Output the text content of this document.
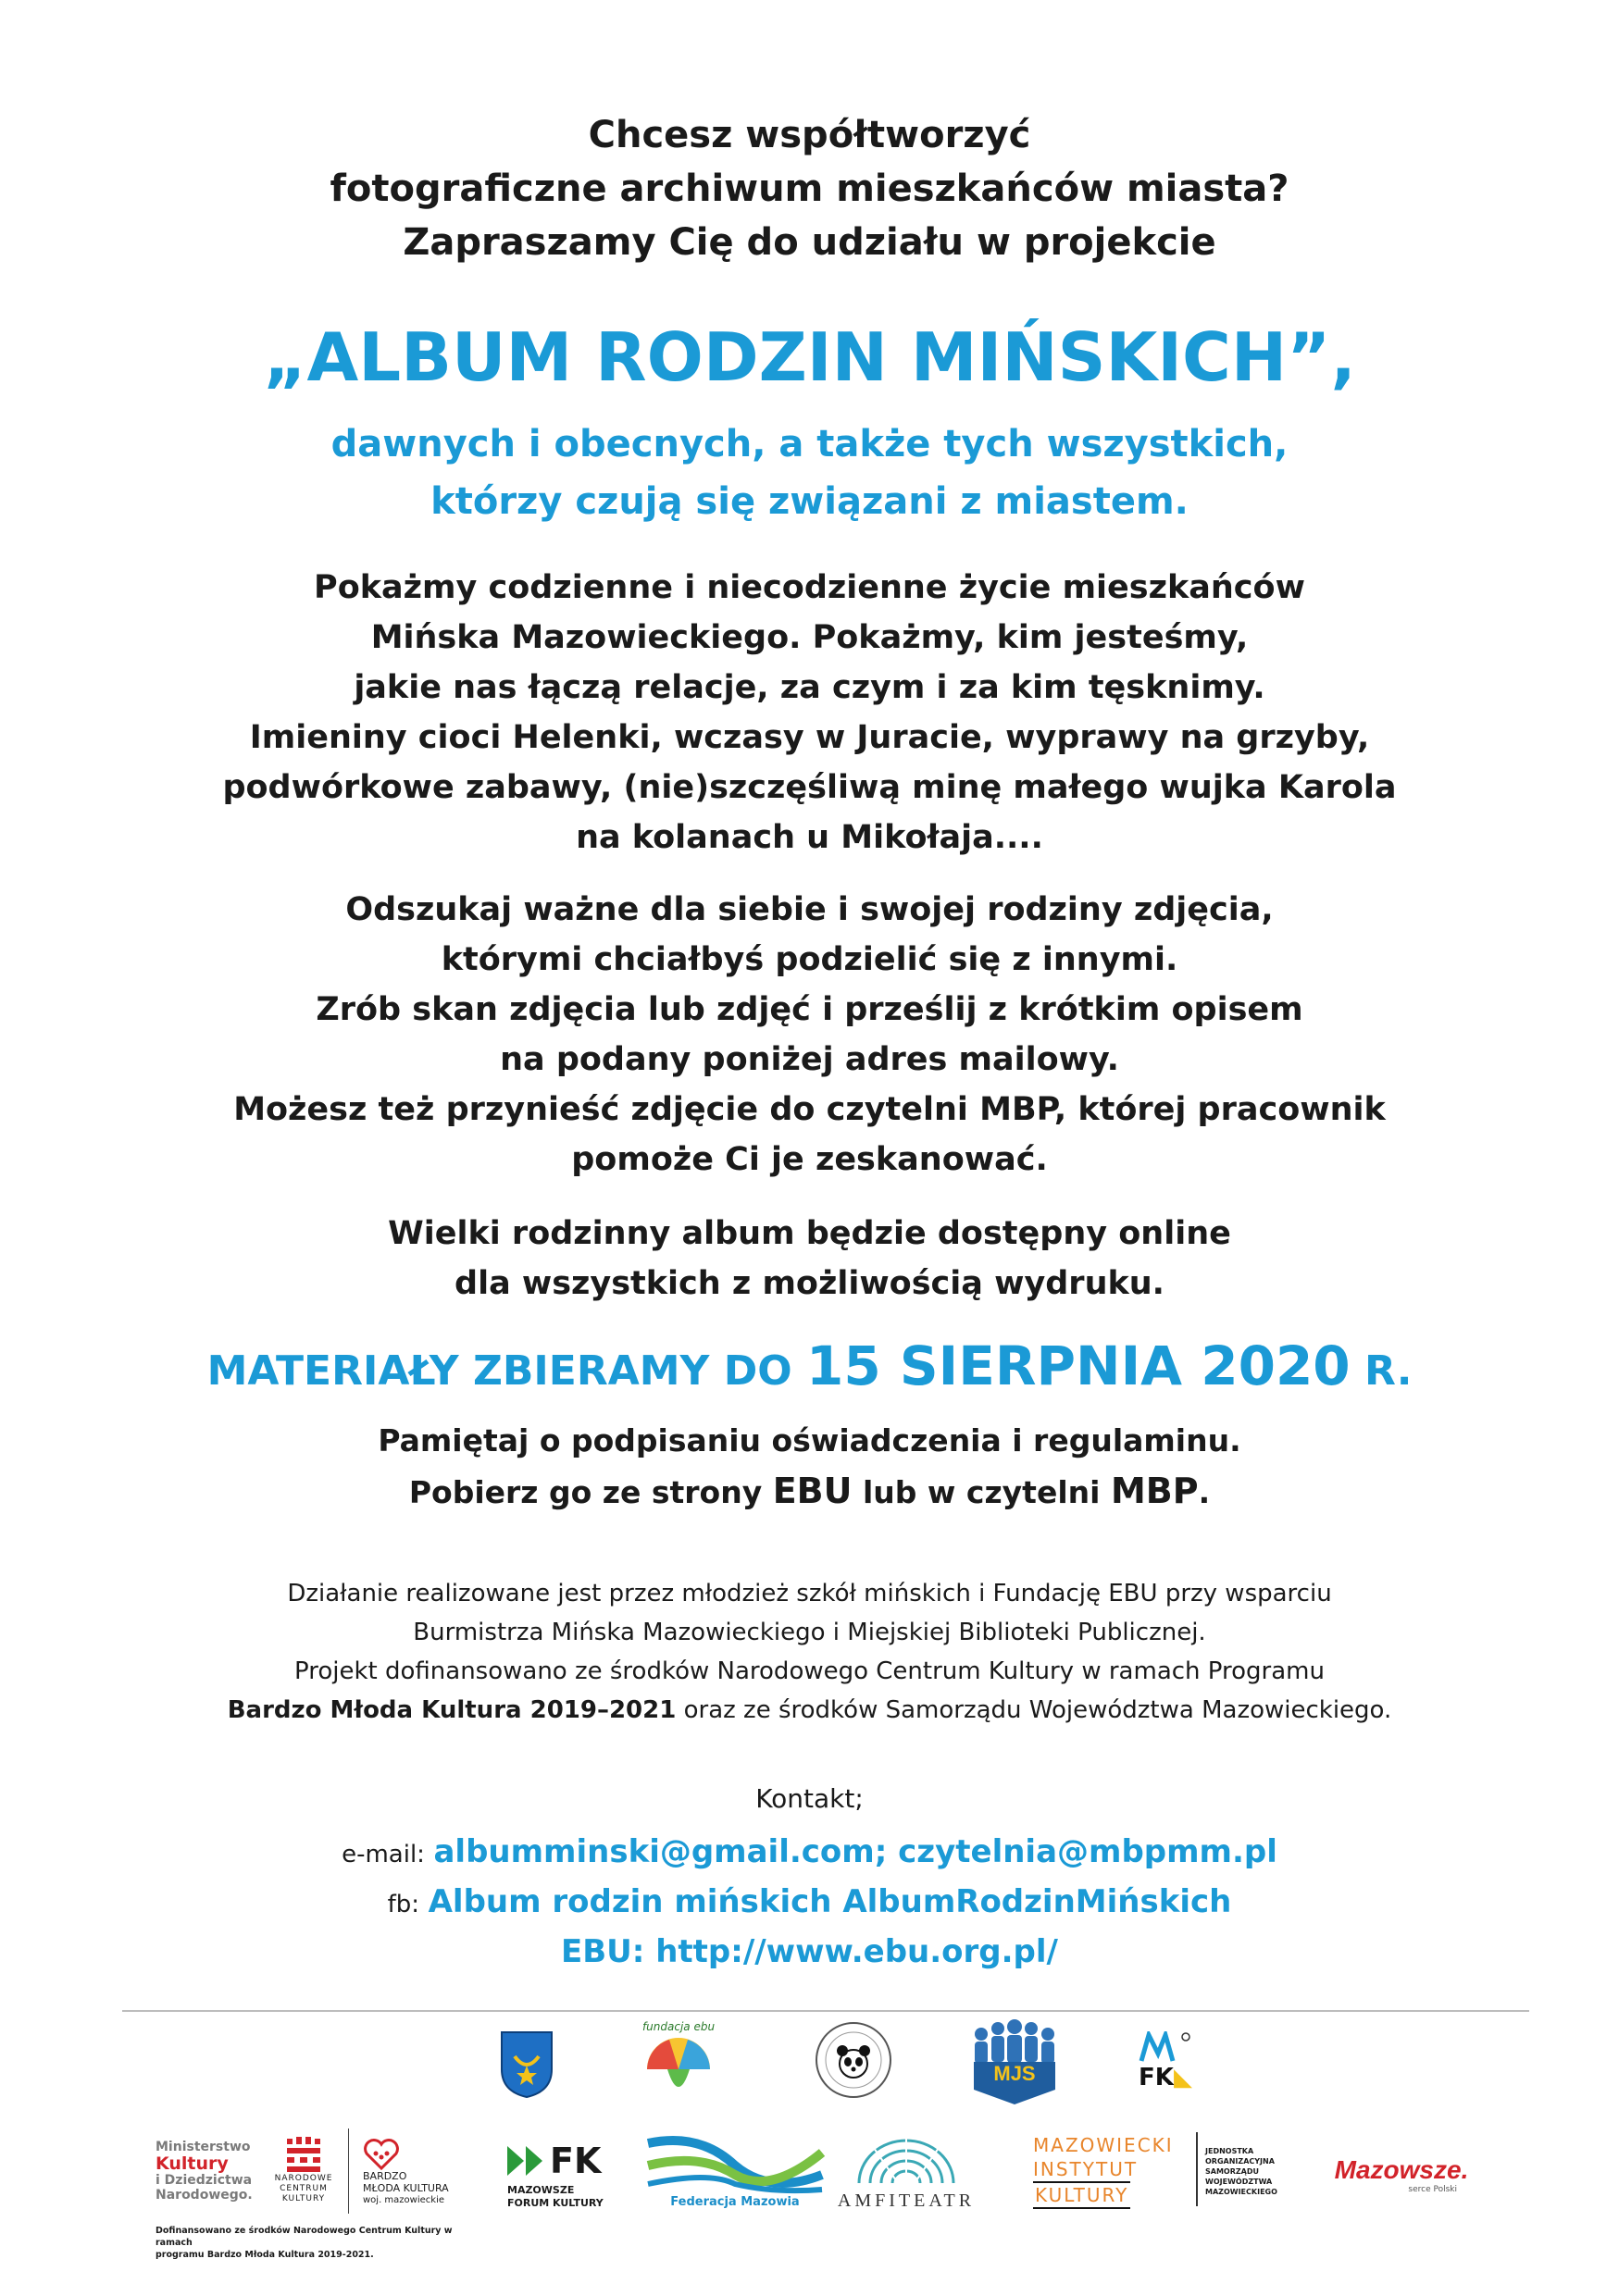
Chcesz współtworzyć
fotograficzne archiwum mieszkańców miasta?
Zapraszamy Cię do udziału w projekcie
„ALBUM RODZIN MIŃSKICH”,
dawnych i obecnych, a także tych wszystkich,
którzy czują się związani z miastem.
Pokażmy codzienne i niecodzienne życie mieszkańców
Mińska Mazowieckiego. Pokażmy, kim jesteśmy,
jakie nas łączą relacje, za czym i za kim tęsknimy.
Imieniny cioci Helenki, wczasy w Juracie, wyprawy na grzyby,
podwórkowe zabawy, (nie)szczęśliwą minę małego wujka Karola
na kolanach u Mikołaja....
Odszukaj ważne dla siebie i swojej rodziny zdjęcia,
którymi chciałbyś podzielić się z innymi.
Zrób skan zdjęcia lub zdjęć i prześlij z krótkim opisem
na podany poniżej adres mailowy.
Możesz też przynieść zdjęcie do czytelni MBP, której pracownik
pomoże Ci je zeskanować.
Wielki rodzinny album będzie dostępny online
dla wszystkich z możliwością wydruku.
MATERIAŁY ZBIERAMY DO 15 SIERPNIA 2020 R.
Pamiętaj o podpisaniu oświadczenia i regulaminu.
Pobierz go ze strony EBU lub w czytelni MBP.
Działanie realizowane jest przez młodzież szkół mińskich i Fundację EBU przy wsparciu
Burmistrza Mińska Mazowieckiego i Miejskiej Biblioteki Publicznej.
Projekt dofinansowano ze środków Narodowego Centrum Kultury w ramach Programu
Bardzo Młoda Kultura 2019–2021 oraz ze środków Samorządu Województwa Mazowieckiego.
Kontakt;
e-mail: albumminski@gmail.com; czytelnia@mbpmm.pl
fb: Album rodzin mińskich AlbumRodzinMińskich
EBU: http://www.ebu.org.pl/
fundacja ebu
MJS	FK◣
Ministerstwo
Kultury
i Dziedzictwa
Narodowego.
NARODOWE
CENTRUM
KULTURY
BARDZO
MŁODA KULTURA
woj. mazowieckie
Dofinansowano ze środków Narodowego Centrum Kultury w ramach
programu Bardzo Młoda Kultura 2019-2021.
FK
MAZOWSZE
FORUM KULTURY	Federacja Mazowia AMFITEATR
MAZOWIECKI
INSTYTUT
KULTURY
JEDNOSTKA
ORGANIZACYJNA
SAMORZĄDU
WOJEWÓDZTWA
MAZOWIECKIEGO
Mazowsze.
serce Polski
